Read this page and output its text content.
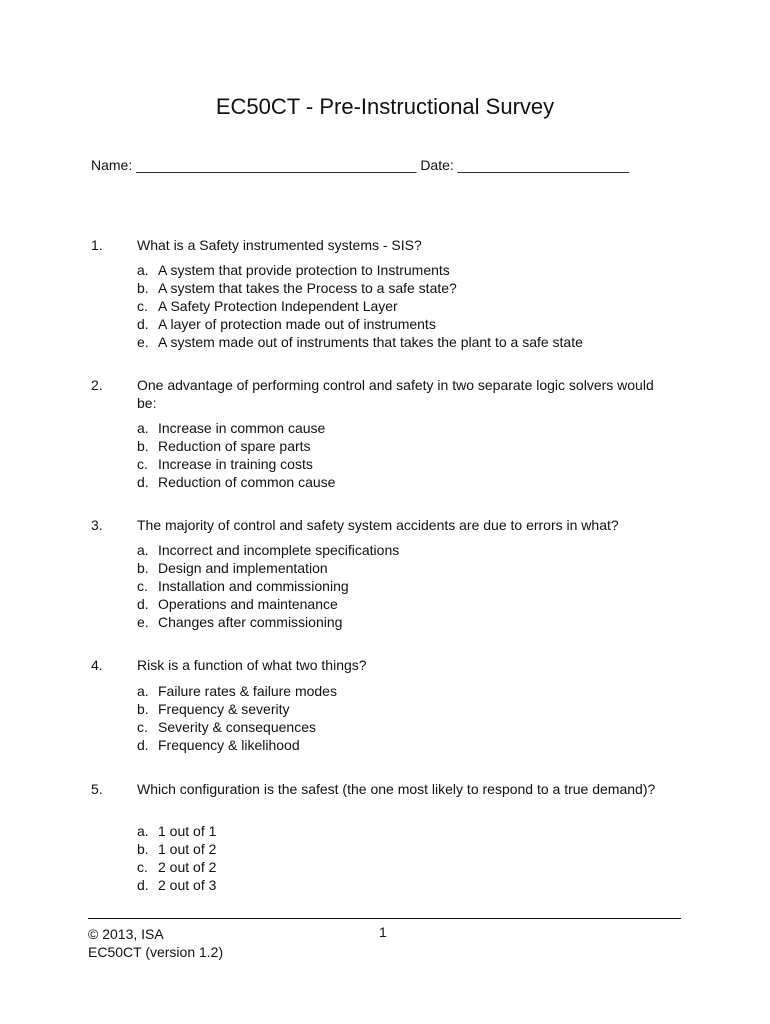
EC50CT - Pre-Instructional Survey
Name: ____________________________________ Date: ______________________
1. What is a Safety instrumented systems - SIS?
a. A system that provide protection to Instruments
b. A system that takes the Process to a safe state?
c. A Safety Protection Independent Layer
d. A layer of protection made out of instruments
e. A system made out of instruments that takes the plant to a safe state
2. One advantage of performing control and safety in two separate logic solvers would be:
a. Increase in common cause
b. Reduction of spare parts
c. Increase in training costs
d. Reduction of common cause
3. The majority of control and safety system accidents are due to errors in what?
a. Incorrect and incomplete specifications
b. Design and implementation
c. Installation and commissioning
d. Operations and maintenance
e. Changes after commissioning
4. Risk is a function of what two things?
a. Failure rates & failure modes
b. Frequency & severity
c. Severity & consequences
d. Frequency & likelihood
5. Which configuration is the safest (the one most likely to respond to a true demand)?
a. 1 out of 1
b. 1 out of 2
c. 2 out of 2
d. 2 out of 3
© 2013, ISA
EC50CT (version 1.2)
1
